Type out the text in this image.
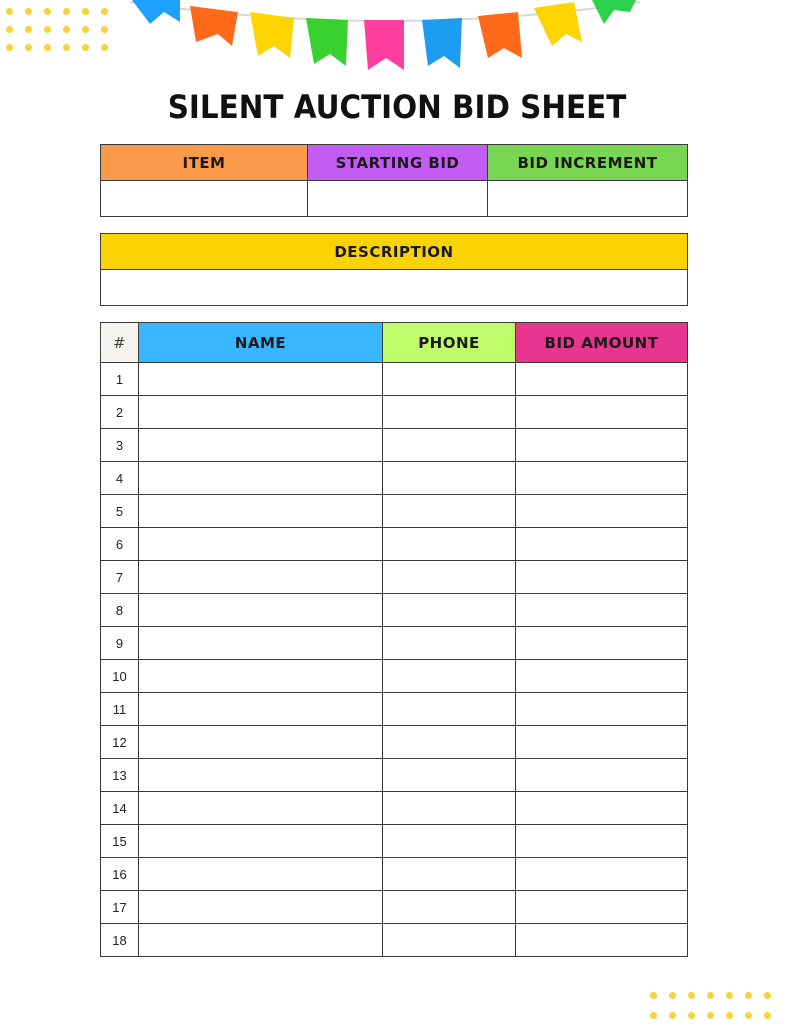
SILENT AUCTION BID SHEET
ITEM	STARTING BID	BID INCREMENT

DESCRIPTION

#	NAME	PHONE	BID AMOUNT
1			
2			
3			
4			
5			
6			
7			
8			
9			
10			
11			
12			
13			
14			
15			
16			
17			
18			
